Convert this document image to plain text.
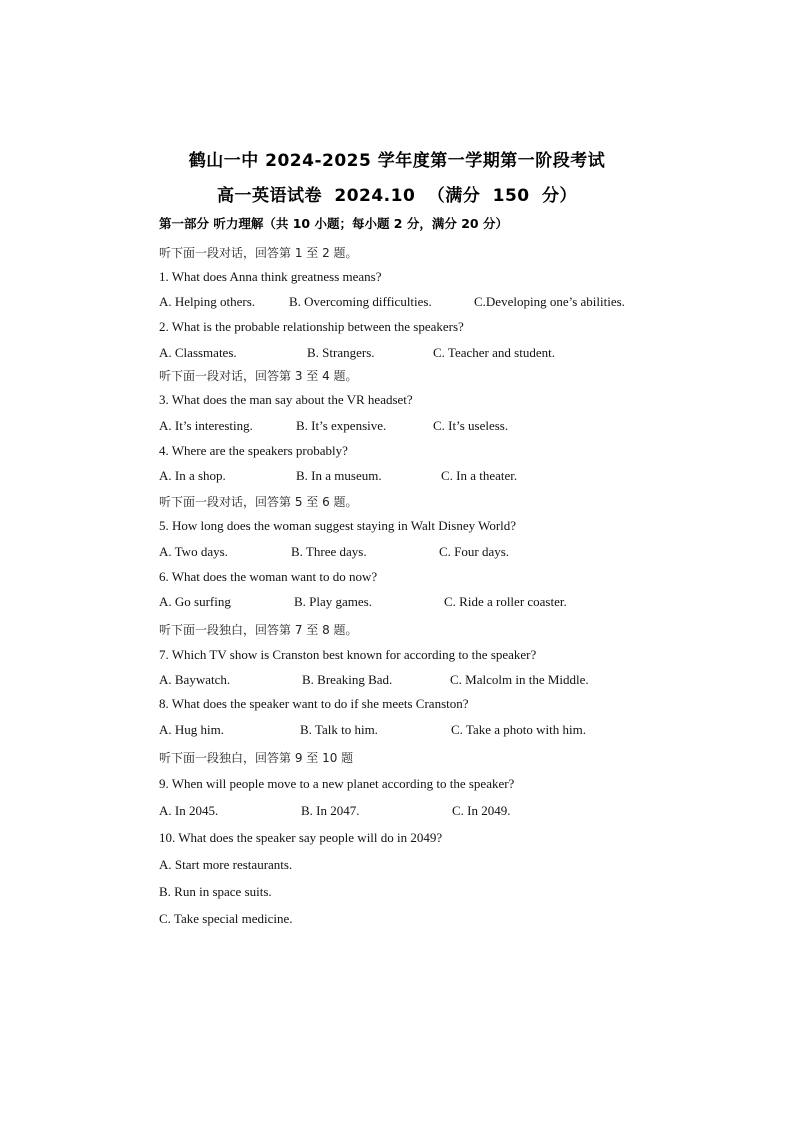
鹤山一中 2024-2025 学年度第一学期第一阶段考试
高一英语试卷 2024.10 （满分 150 分）
第一部分 听力理解（共 10 小题；每小题 2 分，满分 20 分）
听下面一段对话，回答第 1 至 2 题。
1. What does Anna think greatness means?
A. Helping others.	B. Overcoming difficulties.	C.Developing one’s abilities.
2. What is the probable relationship between the speakers?
A. Classmates.	B. Strangers.	C. Teacher and student.
听下面一段对话，回答第 3 至 4 题。
3. What does the man say about the VR headset?
A. It’s interesting.	B. It’s expensive.	C. It’s useless.
4. Where are the speakers probably?
A. In a shop.	B. In a museum.	C. In a theater.
听下面一段对话，回答第 5 至 6 题。
5. How long does the woman suggest staying in Walt Disney World?
A. Two days.	B. Three days.	C. Four days.
6. What does the woman want to do now?
A. Go surfing	B. Play games.	C. Ride a roller coaster.
听下面一段独白，回答第 7 至 8 题。
7. Which TV show is Cranston best known for according to the speaker?
A. Baywatch.	B. Breaking Bad.	C. Malcolm in the Middle.
8. What does the speaker want to do if she meets Cranston?
A. Hug him.	B. Talk to him.	C. Take a photo with him.
听下面一段独白，回答第 9 至 10 题
9. When will people move to a new planet according to the speaker?
A. In 2045.	B. In 2047.	C. In 2049.
10. What does the speaker say people will do in 2049?
A. Start more restaurants.
B. Run in space suits.
C. Take special medicine.
